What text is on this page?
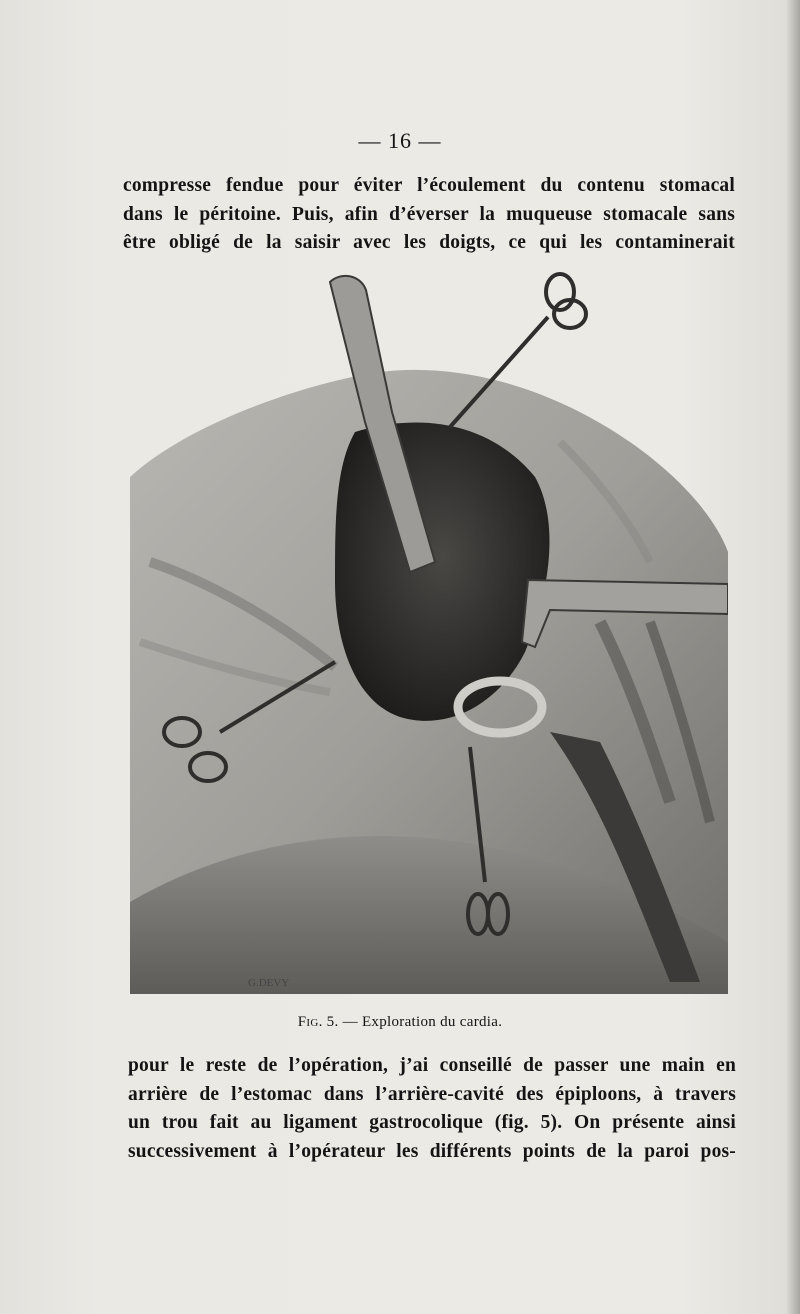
— 16 —
compresse fendue pour éviter l’écoulement du contenu stomacal
dans le péritoine. Puis, afin d’éverser la muqueuse stomacale sans
être obligé de la saisir avec les doigts, ce qui les contaminerait
G.DEVY
Fig. 5. — Exploration du cardia.
pour le reste de l’opération, j’ai conseillé de passer une main en
arrière de l’estomac dans l’arrière-cavité des épiploons, à travers
un trou fait au ligament gastrocolique (fig. 5). On présente ainsi
successivement à l’opérateur les différents points de la paroi pos-
